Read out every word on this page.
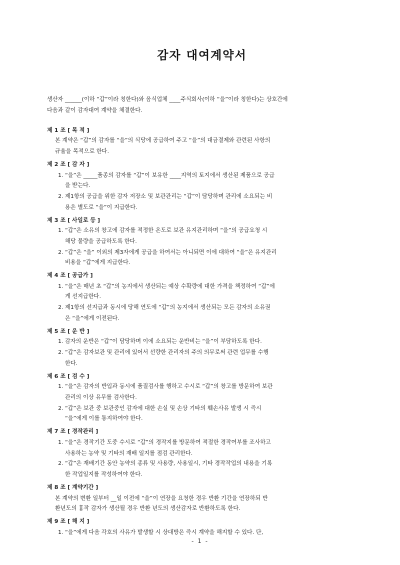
감자 대여계약서

생산자 ______(이하 “갑”이라 칭한다)와 음식업체 ____주식회사(이하 “을”이라 칭한다)는 상호간에

다음과 같이 감자대여 계약을 체결한다.

제 1 조 [ 목 적 ]

본 계약은 “갑”의 감자를 “을”의 식당에 공급하여 주고 “을”의 대금결제와 관련된 사항의

규율을 목적으로 한다.

제 2 조 [ 감 자 ]

1. “을”은 _____품종의 감자를 “갑”이 보유한 ____지역의 토지에서 생산된 제품으로 공급

을 받는다.

2. 제1항의 공급을 위한 감자 저장소 및 보관관리는 “갑”이 담당하며 관리에 소요되는 비

용은 별도로 “을”이 지급한다.

제 3 조 [ 사일로 등 ]

1. “갑”은 소유의 창고에 감자를 적정한 온도로 보관 유지관리하며 “을”의 공급요청 시

해당 물량을 공급하도록 한다.

2. “갑”은 “을” 이외의 제3자에게 공급을 하여서는 아니되면 이에 대하여 “을”은 유지관리

비용을 “갑”에게 지급한다.

제 4 조 [ 공급가 ]

1. “을”은 매년 초 “갑”의 농지에서 생산되는 예상 수확량에 대한 가격을 책정하여 “갑”에

게 선지급한다.

2. 제1항의 선지급과 동시에 당해 연도에 “갑”의 농지에서 생산되는 모든 감자의 소유권

은 “을”에게 이전된다.

제 5 조 [ 운 반 ]

1. 감자의 운반은 “갑”이 담당하며 이에 소요되는 운반비는 “을”이 부담하도록 한다.

2. “갑”은 감자보관 및 관리에 있어서 선량한 관리자의 주의 의무로써 관련 업무를 수행

한다.

제 6 조 [ 검 수 ]

1. “을”은 감자의 반입과 동시에 품질검사를 행하고 수시로 “갑”의 창고를 방문하여 보관

관리의 이상 유무를 검사한다.

2. “갑”은 보관 중 보관중인 감자에 대한 손실 및 손상 기타의 훼손사유 발생 시 즉시

“을”에게 이를 통지하여야 한다.

제 7 조 [ 경작관리 ]

1. “을”은 경작기간 도중 수시로 “갑”의 경작지를 방문하여 적절한 경작여부를 조사하고

사용하는 농약 및 기타의 재배 일지를 점검 관리한다.

2. “갑”은 재배기간 동안 농약의 종류 및 사용량, 사용일시, 기타 경작작업의 내용을 기록

한 작업일지를 작성하여야 한다.

제 8 조 [ 계약기간 ]

본 계약의 변환 일부터 __일 이전에 “을”이 연장을 요청한 경우 반환 기간을 연장하되 반

환년도의 흉작 감자가 생산될 경우 반환 년도의 생산감자로 반환하도록 한다.

제 9 조 [ 해 지 ]

1. “을”에게 다음 각호의 사유가 발생할 시 상대방은 즉시 계약을 해지할 수 있다. 단,

- 1 -
